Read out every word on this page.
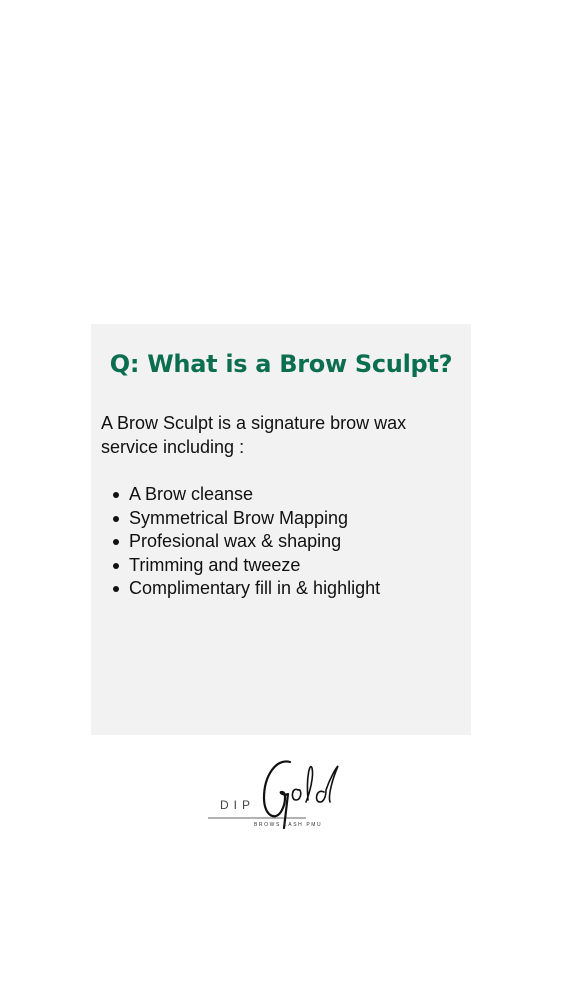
Q: What is a Brow Sculpt?

A Brow Sculpt is a signature brow wax service including :

A Brow cleanse
Symmetrical Brow Mapping
Profesional wax & shaping
Trimming and tweeze
Complimentary fill in & highlight
DIP
BROWS LASH PMU
